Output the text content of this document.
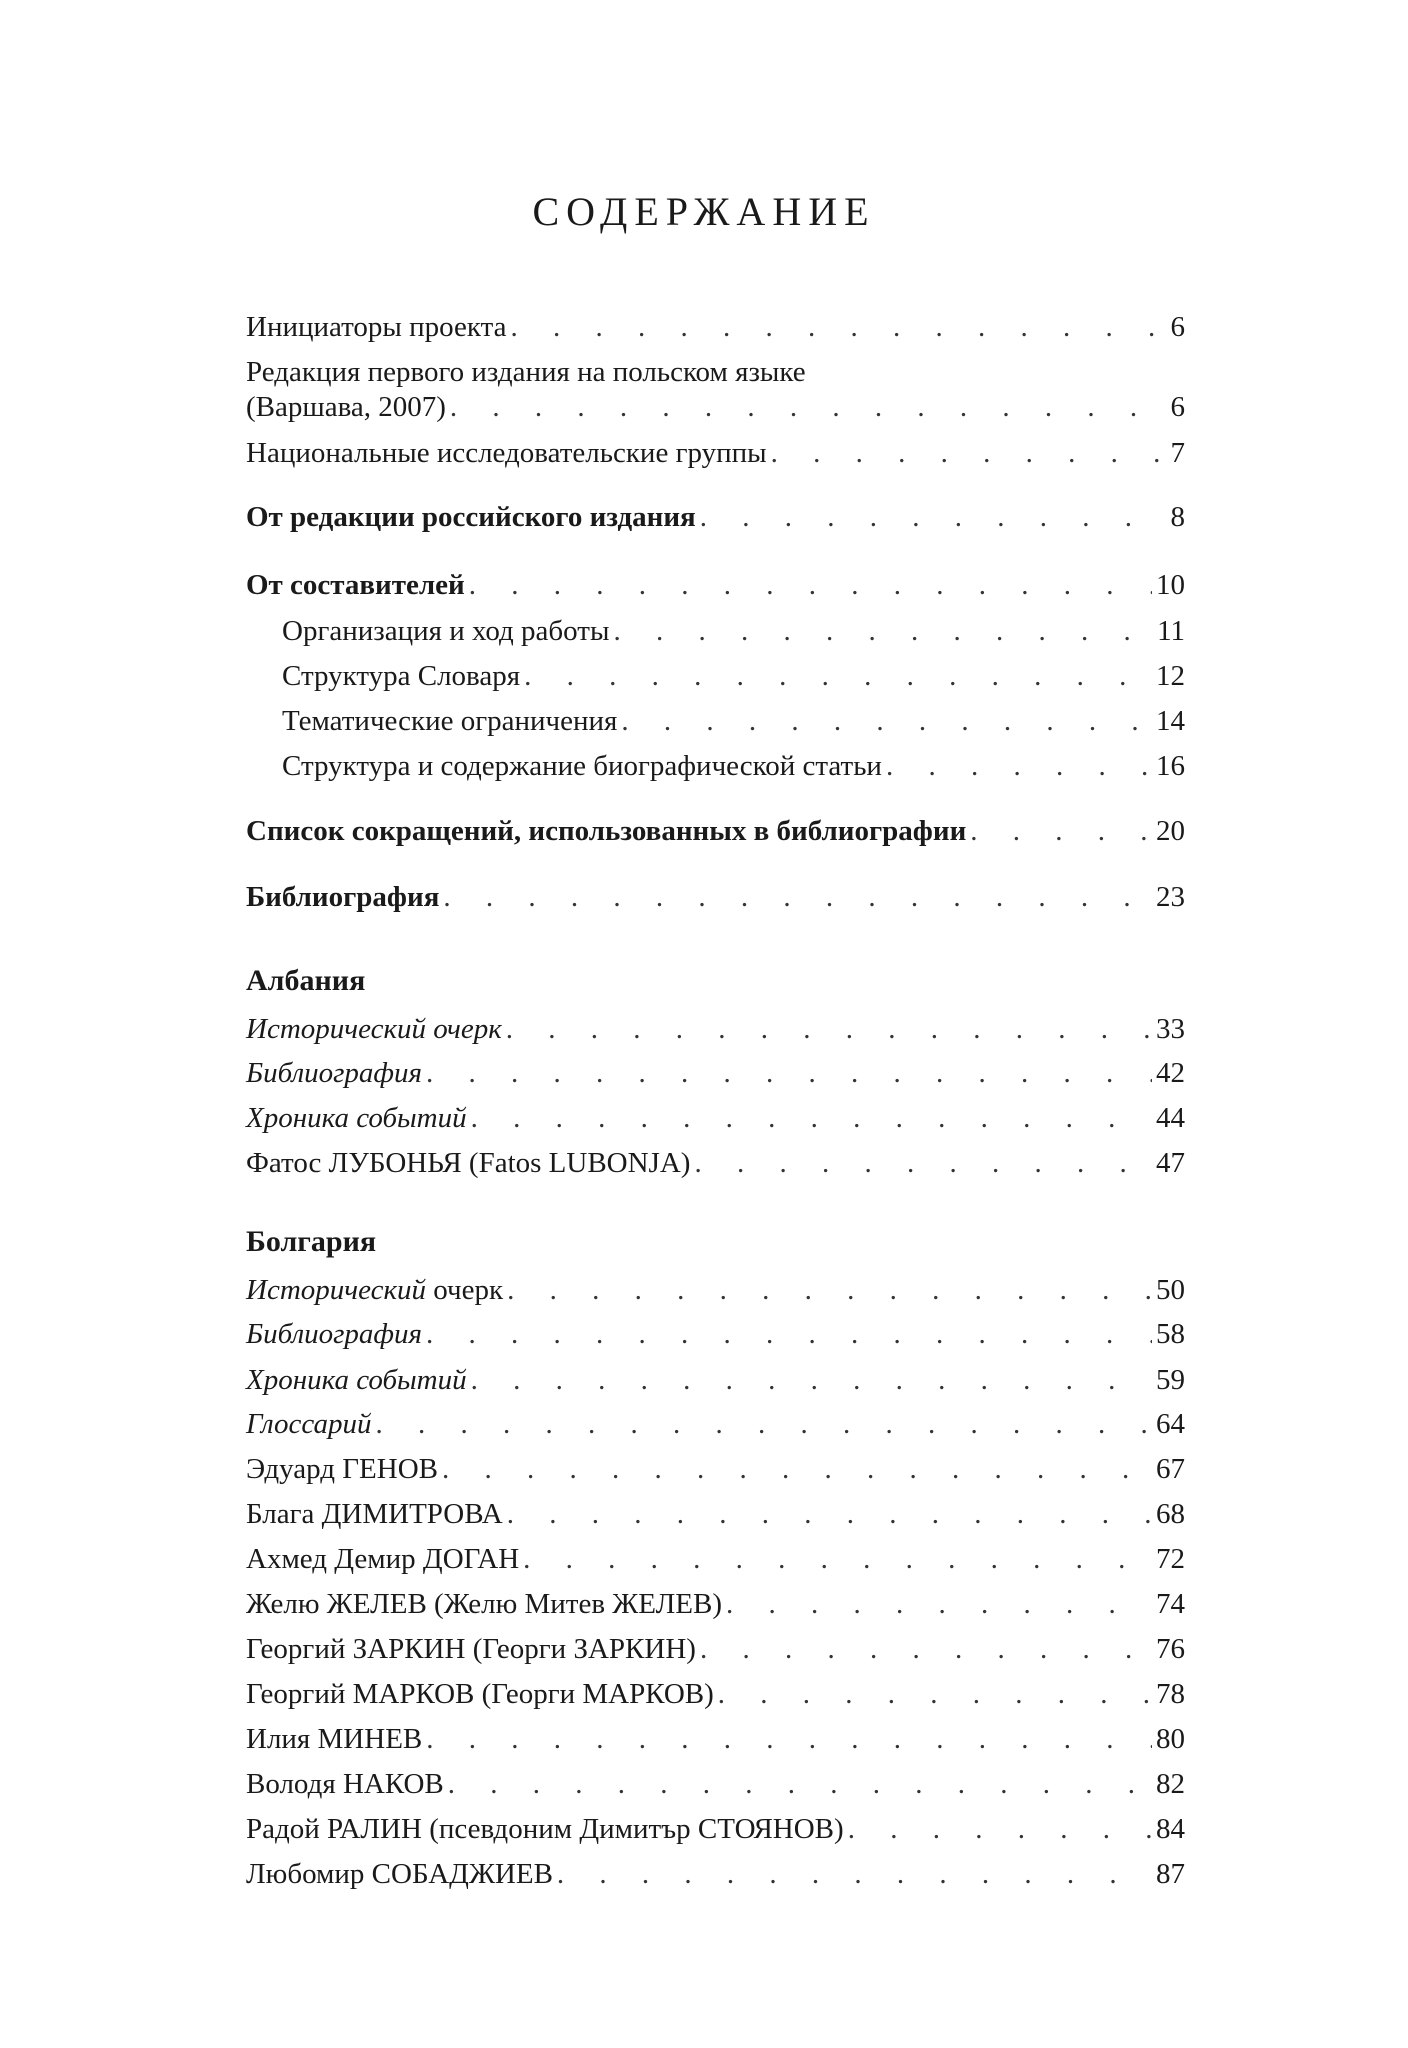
СОДЕРЖАНИЕ
Инициаторы проекта . . .	6
Редакция первого издания на польском языке
(Варшава, 2007) . . .	6
Национальные исследовательские группы . . .	7
От редакции российского издания . . .	8
От составителей . . .	10
Организация и ход работы . . .	11
Структура Словаря . . .	12
Тематические ограничения . . .	14
Структура и содержание биографической статьи . . .	16
Список сокращений, использованных в библиографии . . .	20
Библиография . . .	23
Албания
Исторический очерк . . .	33
Библиография . . .	42
Хроника событий . . .	44
Фатос ЛУБОНЬЯ (Fatos LUBONJA) . . .	47
Болгария
Исторический очерк . . .	50
Библиография . . .	58
Хроника событий . . .	59
Глоссарий . . .	64
Эдуард ГЕНОВ . . .	67
Блага ДИМИТРОВА . . .	68
Ахмед Демир ДОГАН . . .	72
Желю ЖЕЛЕВ (Желю Митев ЖЕЛЕВ) . . .	74
Георгий ЗАРКИН (Георги ЗАРКИН) . . .	76
Георгий МАРКОВ (Георги МАРКОВ) . . .	78
Илия МИНЕВ . . .	80
Володя НАКОВ . . .	82
Радой РАЛИН (псевдоним Димитър СТОЯНОВ) . . .	84
Любомир СОБАДЖИЕВ . . .	87
